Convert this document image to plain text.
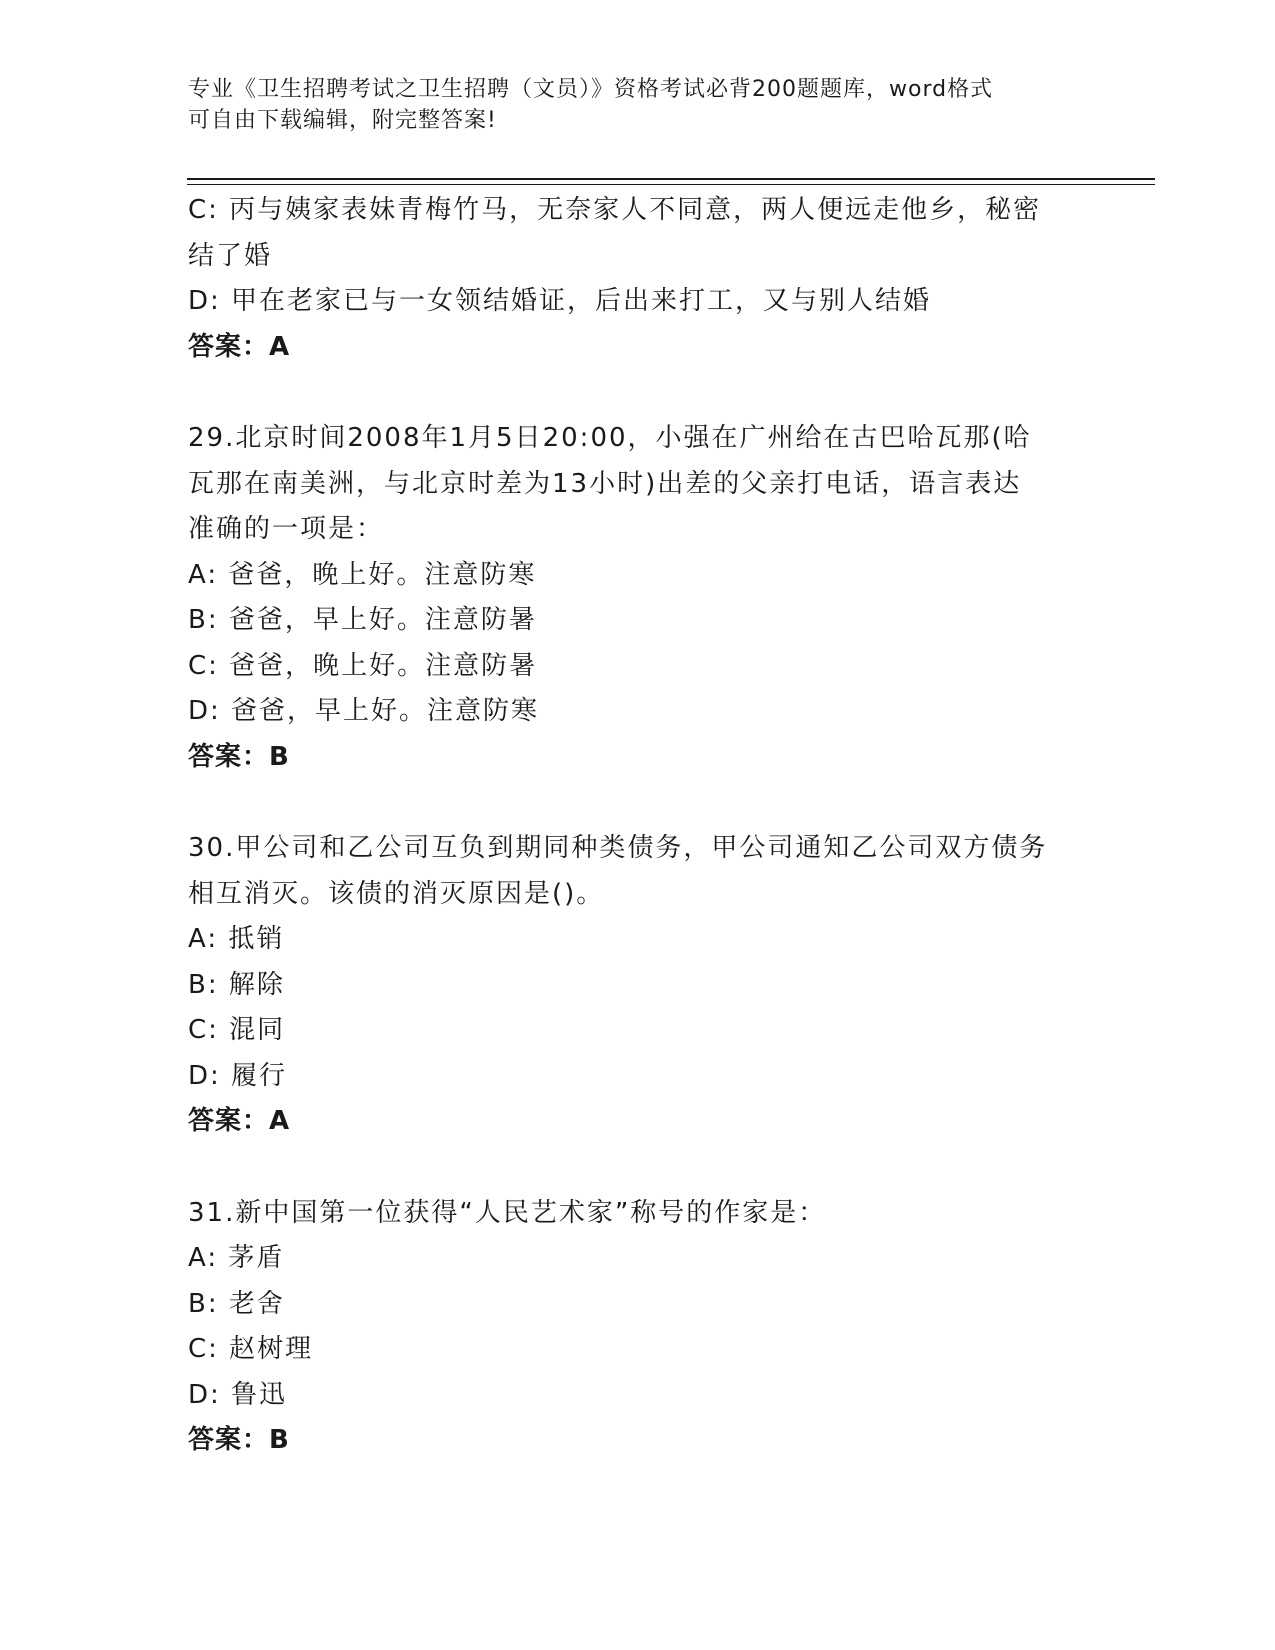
专业《卫生招聘考试之卫生招聘（文员）》资格考试必背200题题库，word格式
可自由下载编辑，附完整答案!
C: 丙与姨家表妹青梅竹马，无奈家人不同意，两人便远走他乡，秘密
结了婚
D: 甲在老家已与一女领结婚证，后出来打工，又与别人结婚
答案：A
29.北京时间2008年1月5日20:00，小强在广州给在古巴哈瓦那(哈
瓦那在南美洲，与北京时差为13小时)出差的父亲打电话，语言表达
准确的一项是：
A: 爸爸，晚上好。注意防寒
B: 爸爸，早上好。注意防暑
C: 爸爸，晚上好。注意防暑
D: 爸爸，早上好。注意防寒
答案：B
30.甲公司和乙公司互负到期同种类债务，甲公司通知乙公司双方债务
相互消灭。该债的消灭原因是()。
A: 抵销
B: 解除
C: 混同
D: 履行
答案：A
31.新中国第一位获得“人民艺术家”称号的作家是：
A: 茅盾
B: 老舍
C: 赵树理
D: 鲁迅
答案：B
